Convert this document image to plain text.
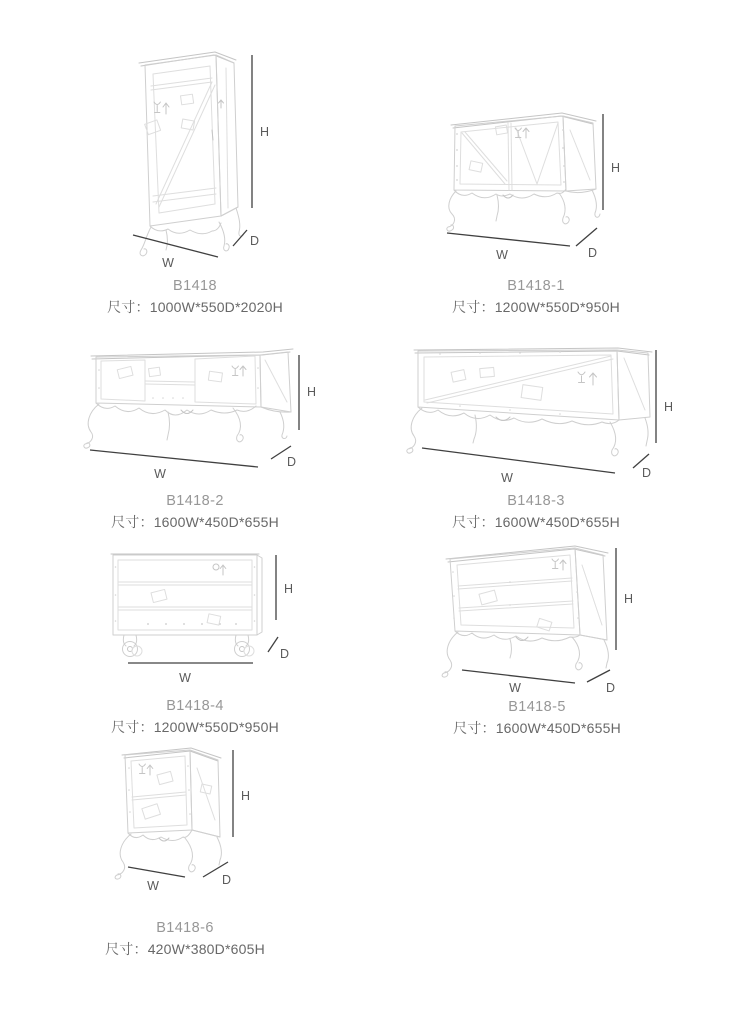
H
W
D
B1418
尺寸：1000W*550D*2020H
H
W	D
B1418-1
尺寸：1200W*550D*950H
H
W
D
B1418-2
尺寸：1600W*450D*655H
H
W	D
B1418-3
尺寸：1600W*450D*655H
H
W
D
B1418-4
尺寸：1200W*550D*950H
H
W	D
B1418-5
尺寸：1600W*450D*655H
H
W	D
B1418-6
尺寸：420W*380D*605H
